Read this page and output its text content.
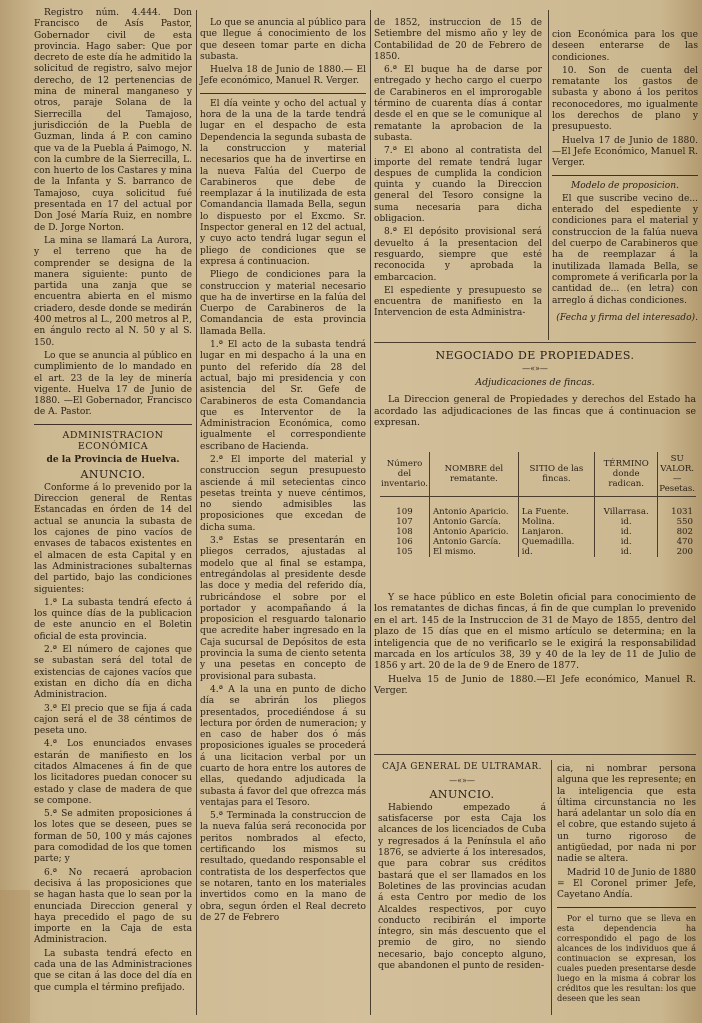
Registro núm. 4.444. Don Francisco de Asís Pastor, Gobernador civil de esta provincia. Hago saber: Que por decreto de este día he admitido la solicitud de registro, salvo mejor derecho, de 12 pertenencias de mina de mineral manganeso y otros, paraje Solana de la Sierrecilla del Tamajoso, jurisdicción de la Puebla de Guzman, linda á P. con camino que va de la Puebla á Paimogo, N. con la cumbre de la Sierrecilla, L. con huerto de los Castares y mina de la Infanta y S. barranco de Tamajoso, cuya solicitud fué presentada en 17 del actual por Don José María Ruiz, en nombre de D. Jorge Norton.

La mina se llamará La Aurora, y el terreno que ha de comprender se designa de la manera siguiente: punto de partida una zanja que se encuentra abierta en el mismo criadero, desde donde se medirán 400 metros al L., 200 metros al P., en ángulo recto al N. 50 y al S. 150.

Lo que se anuncia al público en cumplimiento de lo mandado en el art. 23 de la ley de minería vigente. Huelva 17 de Junio de 1880. —El Gobernador, Francisco de A. Pastor.

ADMINISTRACION ECONÓMICA

de la Provincia de Huelva.

ANUNCIO.

Conforme á lo prevenido por la Direccion general de Rentas Estancadas en órden de 14 del actual se anuncia la subasta de los cajones de pino vacíos de envases de tabacos existentes en el almacen de esta Capital y en las Administraciones subalternas del partido, bajo las condiciones siguientes:

1.ª La subasta tendrá efecto á los quince días de la publicacion de este anuncio en el Boletin oficial de esta provincia.

2.ª El número de cajones que se subastan será del total de existencias de cajones vacíos que existan en dicho día en dicha Administracion.

3.ª El precio que se fija á cada cajon será el de 38 céntimos de peseta uno.

4.ª Los enunciados envases estarán de manifiesto en los citados Almacenes á fin de que los licitadores puedan conocer su estado y clase de madera de que se compone.

5.ª Se admiten proposiciones á los lotes que se deseen, pues se forman de 50, 100 y más cajones para comodidad de los que tomen parte; y

6.ª No recaerá aprobacion decisiva á las proposiciones que se hagan hasta que lo sean por la enunciada Direccion general y haya precedido el pago de su importe en la Caja de esta Administracion.

La subasta tendrá efecto en cada una de las Administraciones que se citan á las doce del día en que cumpla el término prefijado.

Lo que se anuncia al público para que llegue á conocimiento de los que deseen tomar parte en dicha subasta.

Huelva 18 de Junio de 1880.— El Jefe económico, Manuel R. Verger.

El día veinte y ocho del actual y hora de la una de la tarde tendrá lugar en el despacho de esta Dependencia la segunda subasta de la construccion y material necesarios que ha de invertirse en la nueva Falúa del Cuerpo de Carabineros que debe de reemplazar á la inutilizada de esta Comandancia llamada Bella, segun lo dispuesto por el Excmo. Sr. Inspector general en 12 del actual, y cuyo acto tendrá lugar segun el pliego de condiciones que se expresa á continuacion.

Pliego de condiciones para la construccion y material necesario que ha de invertirse en la falúa del Cuerpo de Carabineros de la Comandancia de esta provincia llamada Bella.

1.ª El acto de la subasta tendrá lugar en mi despacho á la una en punto del referido día 28 del actual, bajo mi presidencia y con asistencia del Sr. Gefe de Carabineros de esta Comandancia que es Interventor de la Administracion Económica, como igualmente el correspondiente escribano de Hacienda.

2.ª El importe del material y construccion segun presupuesto asciende á mil setecientas cinco pesetas treinta y nueve céntimos, no siendo admisibles las proposiciones que excedan de dicha suma.

3.ª Estas se presentarán en pliegos cerrados, ajustadas al modelo que al final se estampa, entregándolas al presidente desde las doce y media del referido día, rubricándose el sobre por el portador y acompañando á la proposicion el resguardo talonario que acredite haber ingresado en la Caja sucursal de Depósitos de esta provincia la suma de ciento setenta y una pesetas en concepto de provisional para subasta.

4.ª A la una en punto de dicho día se abrirán los pliegos presentados, procediéndose á su lectura por órden de numeracion; y en caso de haber dos ó más proposiciones iguales se procederá á una licitacion verbal por un cuarto de hora entre los autores de ellas, quedando adjudicada la subasta á favor del que ofrezca más ventajas para el Tesoro.

5.ª Terminada la construccion de la nueva falúa será reconocida por peritos nombrados al efecto, certificando los mismos su resultado, quedando responsable el contratista de los desperfectos que se notaren, tanto en los materiales invertidos como en la mano de obra, segun órden el Real decreto de 27 de Febrero

de 1852, instruccion de 15 de Setiembre del mismo año y ley de Contabilidad de 20 de Febrero de 1850.

6.ª El buque ha de darse por entregado y hecho cargo el cuerpo de Carabineros en el improrogable término de cuarenta días á contar desde el en que se le comunique al rematante la aprobacion de la subasta.

7.ª El abono al contratista del importe del remate tendrá lugar despues de cumplida la condicion quinta y cuando la Direccion general del Tesoro consigne la suma necesaria para dicha obligacion.

8.ª El depósito provisional será devuelto á la presentacion del resguardo, siempre que esté reconocida y aprobada la embarcacion.

El espediente y presupuesto se encuentra de manifiesto en la Intervencion de esta Administra-

cion Económica para los que deseen enterarse de las condiciones.

10. Son de cuenta del rematante los gastos de subasta y abono á los peritos reconocedores, mo igualmente los derechos de plano y presupuesto.

Huelva 17 de Junio de 1880. —El Jefe Económico, Manuel R. Verger.

Modelo de proposicion.

El que suscribe vecino de... enterado del espediente y condiciones para el material y construccion de la falúa nueva del cuerpo de Carabineros que ha de reemplazar á la inutilizada llamada Bella, se compromete á verificarla por la cantidad de... (en letra) con arreglo á dichas condiciones.

(Fecha y firma del interesado).

NEGOCIADO DE PROPIEDADES.

—«»—

Adjudicaciones de fincas.

La Direccion general de Propiedades y derechos del Estado ha acordado las adjudicaciones de las fincas que á continuacion se expresan.

Número del inventario.	NOMBRE del rematante.	SITIO de las fincas.	TÉRMINO donde radican.	SU VALOR. — Pesetas.
109	Antonio Aparicio.	La Fuente.	Villarrasa.	1031
107	Antonio García.	Molina.	id.	550
108	Antonio Aparicio.	Lanjaron.	id.	802
106	Antonio García.	Quemadilla.	id.	470
105	El mismo.	id.	id.	200

Y se hace público en este Boletin oficial para conocimiento de los rematantes de dichas fincas, á fin de que cumplan lo prevenido en el art. 145 de la Instruccion de 31 de Mayo de 1855, dentro del plazo de 15 días que en el mismo artículo se determina; en la inteligencia que de no verificarlo se le exigirá la responsabilidad marcada en los artículos 38, 39 y 40 de la ley de 11 de Julio de 1856 y art. 20 de la de 9 de Enero de 1877.

Huelva 15 de Junio de 1880.—El Jefe económico, Manuel R. Verger.

CAJA GENERAL DE ULTRAMAR.

—«»—

ANUNCIO.

Habiendo empezado á satisfacerse por esta Caja los alcances de los licenciados de Cuba y regresados á la Península el año 1876, se advierte á los interesados, que para cobrar sus créditos bastará que el ser llamados en los Boletines de las provincias acudan á esta Centro por medio de los Alcaldes respectivos, por cuyo conducto recibirán el importe íntegro, sin más descuento que el premio de giro, no siendo necesario, bajo concepto alguno, que abandonen el punto de residen-

cia, ni nombrar persona alguna que les represente; en la inteligencia que esta última circunstancia no les hará adelantar un solo día en el cobre, que estando sujeto á un turno rigoroso de antigüedad, por nada ni por nadie se altera.

Madrid 10 de Junio de 1880 = El Coronel primer Jefe, Cayetano Andía.

Por el turno que se lleva en esta dependencia ha correspondido el pago de los alcances de los individuos que á continuacion se expresan, los cuales pueden presentarse desde luego en la misma á cobrar los créditos que les resultan: los que deseen que les sean
